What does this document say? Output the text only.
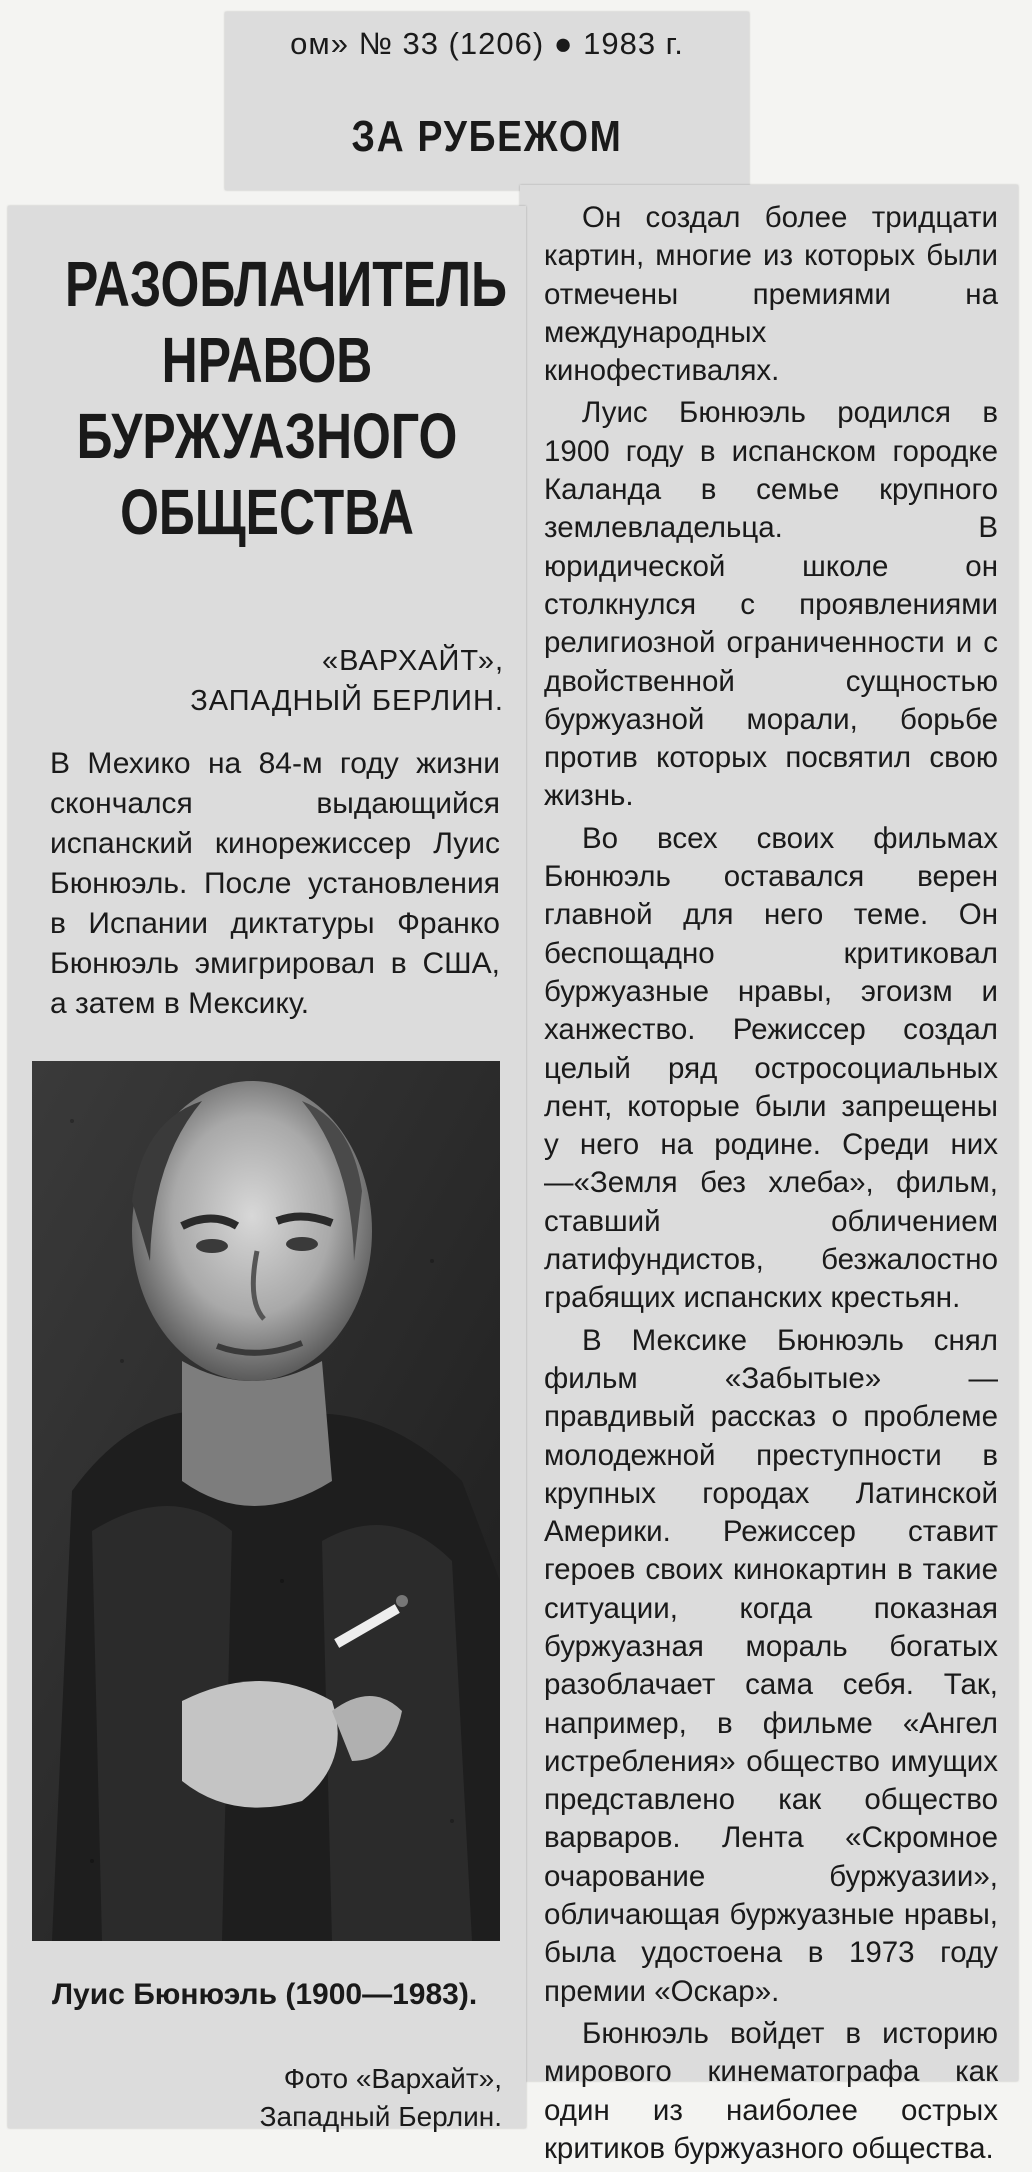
ом» № 33 (1206) ● 1983 г.
ЗА РУБЕЖОМ

Он создал более тридцати картин, многие из которых были отмечены премиями на международных кинофестивалях.

Луис Бюнюэль родился в 1900 году в испанском городке Каланда в семье крупного землевладельца. В юридической школе он столкнулся с проявлениями религиозной ограниченности и с двойственной сущностью буржуазной морали, борьбе против которых посвятил свою жизнь.

Во всех своих фильмах Бюнюэль оставался верен главной для него теме. Он беспощадно критиковал буржуазные нравы, эгоизм и ханжество. Режиссер создал целый ряд остросоциальных лент, которые были запрещены у него на родине. Среди них—«Земля без хлеба», фильм, ставший обличением латифундистов, безжалостно грабящих испанских крестьян.

В Мексике Бюнюэль снял фильм «Забытые» — правдивый рассказ о проблеме молодежной преступности в крупных городах Латинской Америки. Режиссер ставит героев своих кинокартин в такие ситуации, когда показная буржуазная мораль богатых разоблачает сама себя. Так, например, в фильме «Ангел истребления» общество имущих представлено как общество варваров. Лента «Скромное очарование буржуазии», обличающая буржуазные нравы, была удостоена в 1973 году премии «Оскар».

Бюнюэль войдет в историю мирового кинематографа как один из наиболее острых критиков буржуазного общества.

РАЗОБЛАЧИТЕЛЬ
НРАВОВ
БУРЖУАЗНОГО
ОБЩЕСТВА
«ВАРХАЙТ»,
ЗАПАДНЫЙ БЕРЛИН.
В Мехико на 84-м году жизни скончался выдающийся испанский кинорежиссер Луис Бюнюэль. После установления в Испании диктатуры Франко Бюнюэль эмигрировал в США, а затем в Мексику.
Луис Бюнюэль (1900—1983).
Фото «Вархайт»,
Западный Берлин.
